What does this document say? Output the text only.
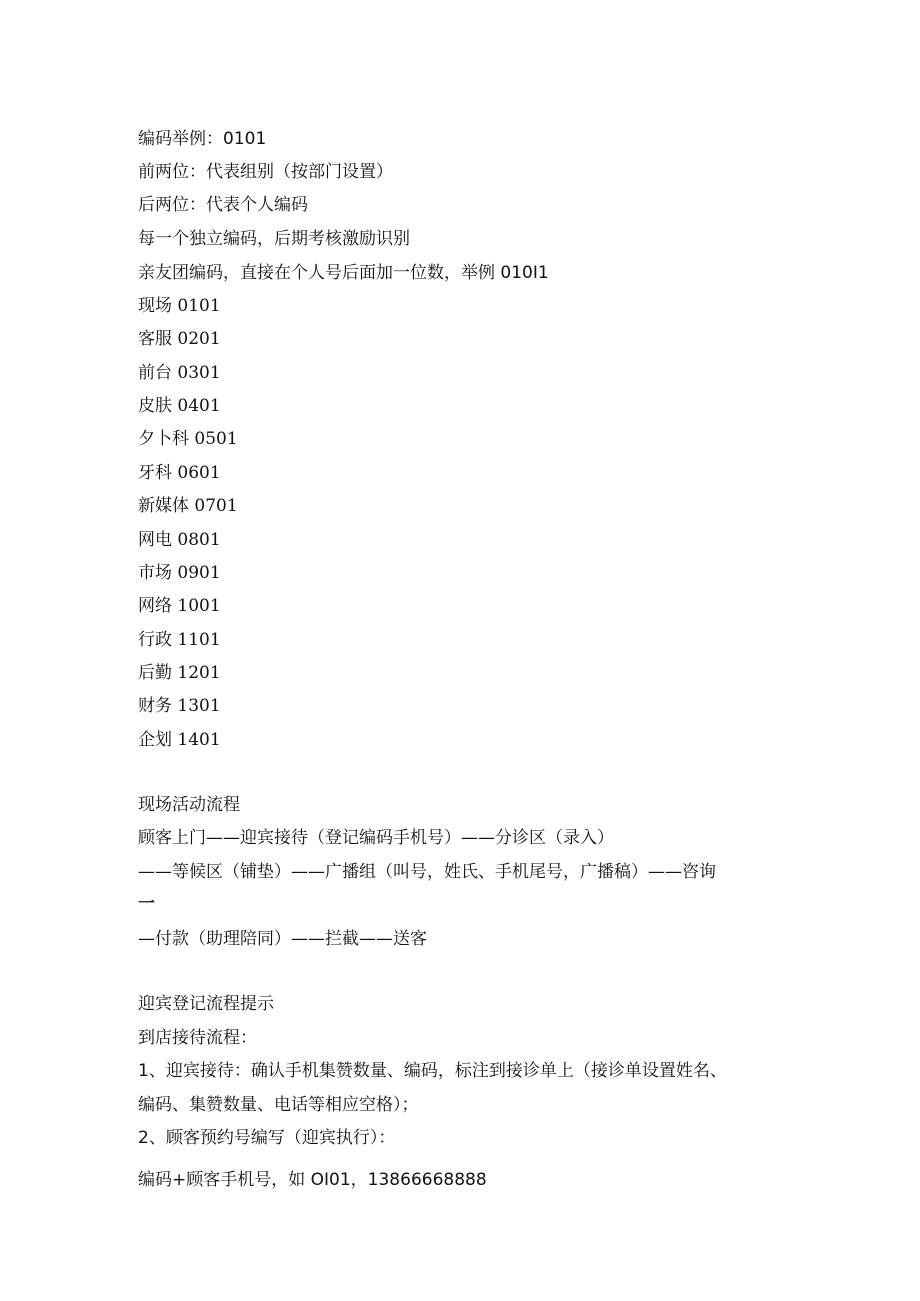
编码举例：0101
前两位：代表组别（按部门设置）
后两位：代表个人编码
每一个独立编码，后期考核激励识别
亲友团编码，直接在个人号后面加一位数，举例 010I1
现场 0101
客服 0201
前台 0301
皮肤 0401
夕卜科 0501
牙科 0601
新媒体 0701
网电 0801
市场 0901
网络 1001
行政 1101
后勤 1201
财务 1301
企划 1401
现场活动流程
顾客上门——迎宾接待（登记编码手机号）——分诊区（录入）
——等候区（铺垫）——广播组（叫号，姓氏、手机尾号，广播稿）——咨询
一
—付款（助理陪同）——拦截——送客
迎宾登记流程提示
到店接待流程：
1、迎宾接待：确认手机集赞数量、编码，标注到接诊单上（接诊单设置姓名、
编码、集赞数量、电话等相应空格）；
2、顾客预约号编写（迎宾执行）：
编码+顾客手机号，如 OI01，13866668888
